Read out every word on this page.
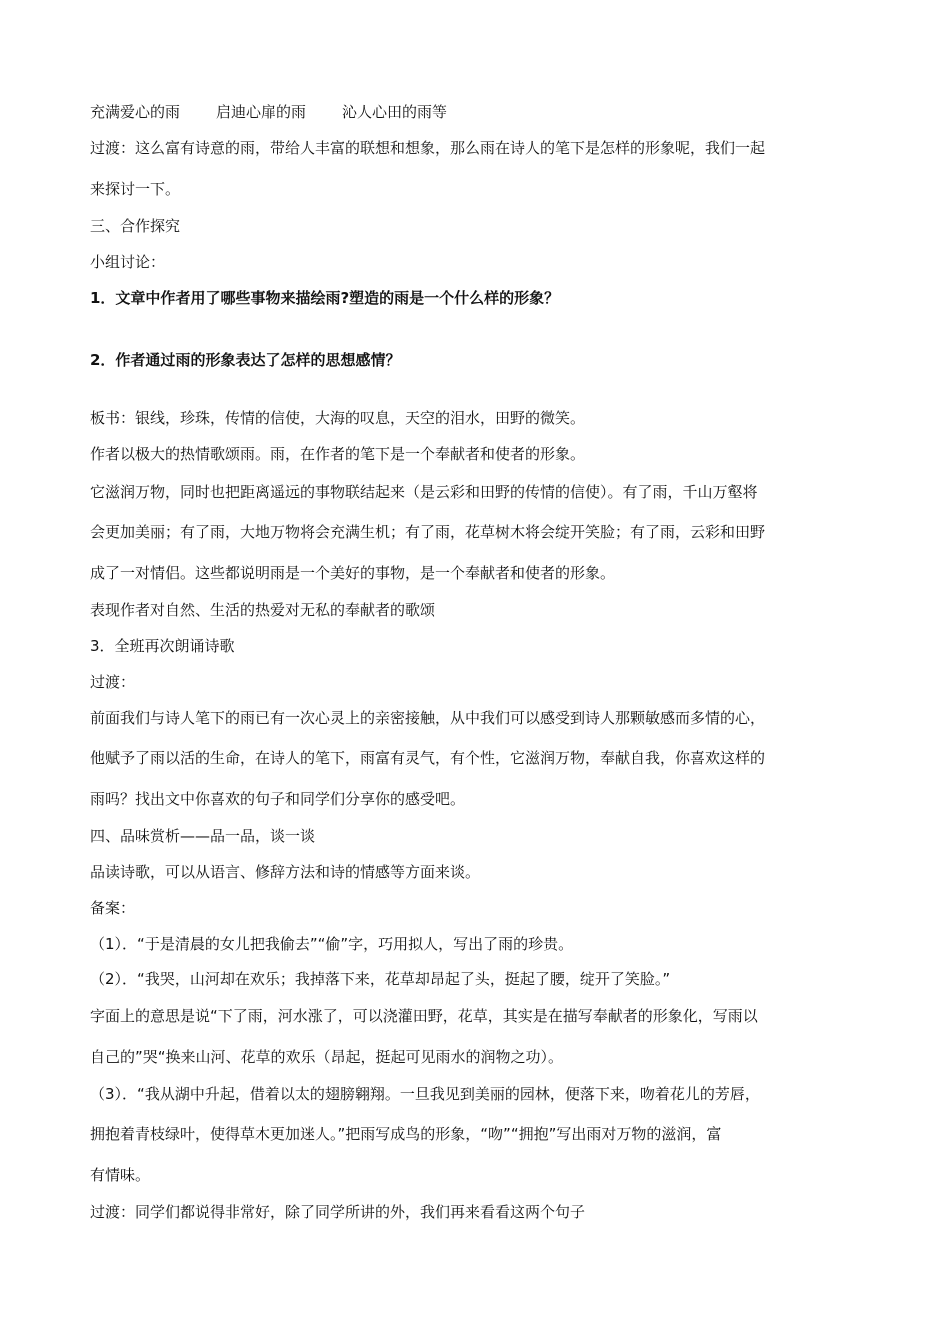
充满爱心的雨 启迪心扉的雨 沁人心田的雨等
过渡：这么富有诗意的雨，带给人丰富的联想和想象，那么雨在诗人的笔下是怎样的形象呢，我们一起
来探讨一下。
三、合作探究
小组讨论：
1．文章中作者用了哪些事物来描绘雨?塑造的雨是一个什么样的形象？
2．作者通过雨的形象表达了怎样的思想感情？
板书：银线，珍珠，传情的信使，大海的叹息，天空的泪水，田野的微笑。
作者以极大的热情歌颂雨。雨，在作者的笔下是一个奉献者和使者的形象。
它滋润万物，同时也把距离遥远的事物联结起来（是云彩和田野的传情的信使）。有了雨，千山万壑将
会更加美丽；有了雨，大地万物将会充满生机；有了雨，花草树木将会绽开笑脸；有了雨，云彩和田野
成了一对情侣。这些都说明雨是一个美好的事物，是一个奉献者和使者的形象。
表现作者对自然、生活的热爱对无私的奉献者的歌颂
3．全班再次朗诵诗歌
过渡：
前面我们与诗人笔下的雨已有一次心灵上的亲密接触，从中我们可以感受到诗人那颗敏感而多情的心，
他赋予了雨以活的生命，在诗人的笔下，雨富有灵气，有个性，它滋润万物，奉献自我，你喜欢这样的
雨吗？找出文中你喜欢的句子和同学们分享你的感受吧。
四、品味赏析——品一品，谈一谈
品读诗歌，可以从语言、修辞方法和诗的情感等方面来谈。
备案：
（1）．“于是清晨的女儿把我偷去”“偷”字，巧用拟人，写出了雨的珍贵。
（2）．“我哭，山河却在欢乐；我掉落下来，花草却昂起了头，挺起了腰，绽开了笑脸。”
字面上的意思是说“下了雨，河水涨了，可以浇灌田野，花草，其实是在描写奉献者的形象化，写雨以
自己的”哭“换来山河、花草的欢乐（昂起，挺起可见雨水的润物之功）。
（3）．“我从湖中升起，借着以太的翅膀翱翔。一旦我见到美丽的园林，便落下来，吻着花儿的芳唇，
拥抱着青枝绿叶，使得草木更加迷人。”把雨写成鸟的形象，“吻”“拥抱”写出雨对万物的滋润，富
有情味。
过渡：同学们都说得非常好，除了同学所讲的外，我们再来看看这两个句子
